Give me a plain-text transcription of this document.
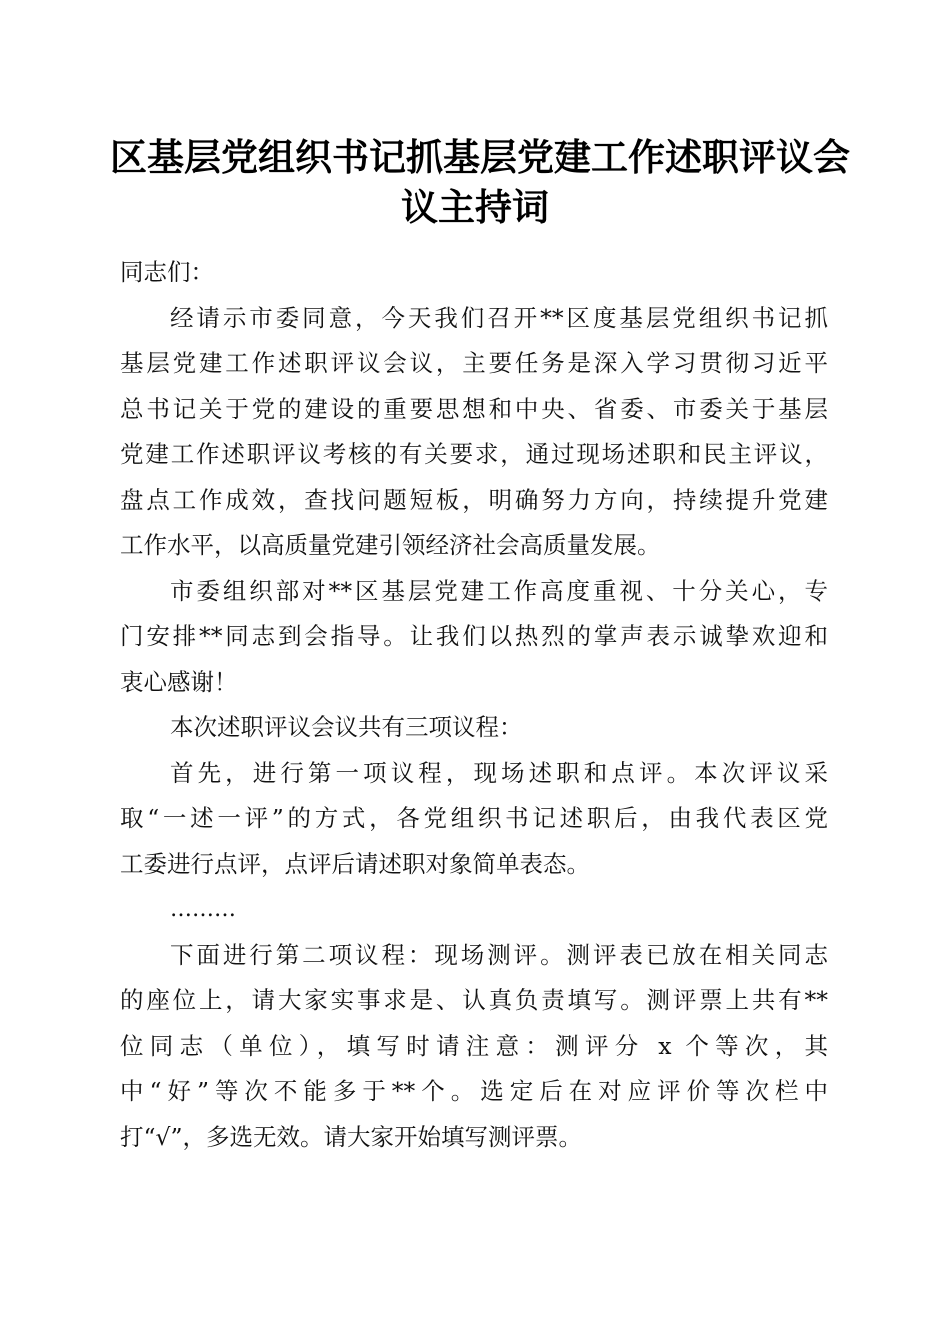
区基层党组织书记抓基层党建工作述职评议会
议主持词
同志们：
经请示市委同意，今天我们召开**区度基层党组织书记抓
基层党建工作述职评议会议，主要任务是深入学习贯彻习近平
总书记关于党的建设的重要思想和中央、省委、市委关于基层
党建工作述职评议考核的有关要求，通过现场述职和民主评议，
盘点工作成效，查找问题短板，明确努力方向，持续提升党建
工作水平，以高质量党建引领经济社会高质量发展。
市委组织部对**区基层党建工作高度重视、十分关心，专
门安排**同志到会指导。让我们以热烈的掌声表示诚挚欢迎和
衷心感谢！
本次述职评议会议共有三项议程：
首先，进行第一项议程，现场述职和点评。本次评议采
取“一述一评”的方式，各党组织书记述职后，由我代表区党
工委进行点评，点评后请述职对象简单表态。
………
下面进行第二项议程：现场测评。测评表已放在相关同志
的座位上，请大家实事求是、认真负责填写。测评票上共有**
位同志（单位），填写时请注意：测评分 x 个等次，其
中“好”等次不能多于**个。选定后在对应评价等次栏中
打“√”，多选无效。请大家开始填写测评票。
